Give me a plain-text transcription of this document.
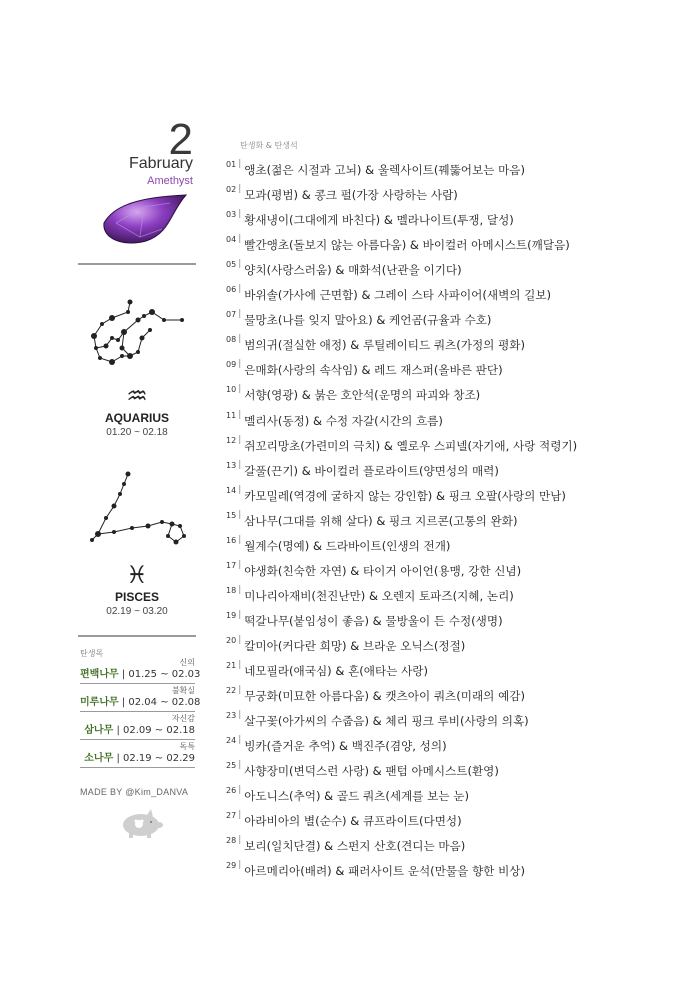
2
Fabruary
Amethyst
♒
AQUARIUS
01.20 ~ 02.18
♓
PISCES
02.19 ~ 03.20
탄생목
신의
편백나무 | 01.25 ~ 02.03
불확실
미루나무 | 02.04 ~ 02.08
자신감
삼나무 | 02.09 ~ 02.18
독특
소나무 | 02.19 ~ 02.29
MADE BY @Kim_DANVA
탄생화 & 탄생석
01 | 앵초(젊은 시절과 고뇌) & 울렉사이트(꿰뚫어보는 마음)
02 | 모과(평범) & 콩크 펄(가장 사랑하는 사람)
03 | 황새냉이(그대에게 바친다) & 멜라나이트(투쟁, 달성)
04 | 빨간앵초(돌보지 않는 아름다움) & 바이컬러 아메시스트(깨달음)
05 | 양치(사랑스러움) & 매화석(난관을 이기다)
06 | 바위솔(가사에 근면함) & 그레이 스타 사파이어(새벽의 길보)
07 | 물망초(나를 잊지 말아요) & 케언곰(규율과 수호)
08 | 범의귀(절실한 애정) & 루틸레이티드 쿼츠(가정의 평화)
09 | 은매화(사랑의 속삭임) & 레드 재스퍼(올바른 판단)
10 | 서향(영광) & 붉은 호안석(운명의 파괴와 창조)
11 | 멜리사(동정) & 수정 자갈(시간의 흐름)
12 | 쥐꼬리망초(가련미의 극치) & 옐로우 스피넬(자기애, 사랑 적령기)
13 | 갈풀(끈기) & 바이컬러 플로라이트(양면성의 매력)
14 | 카모밀레(역경에 굴하지 않는 강인함) & 핑크 오팔(사랑의 만남)
15 | 삼나무(그대를 위해 살다) & 핑크 지르콘(고통의 완화)
16 | 월계수(명예) & 드라바이트(인생의 전개)
17 | 야생화(친숙한 자연) & 타이거 아이언(용맹, 강한 신념)
18 | 미나리아재비(천진난만) & 오렌지 토파즈(지혜, 논리)
19 | 떡갈나무(붙임성이 좋음) & 물방울이 든 수정(생명)
20 | 칼미아(커다란 희망) & 브라운 오닉스(정절)
21 | 네모필라(애국심) & 혼(애타는 사랑)
22 | 무궁화(미묘한 아름다움) & 캣츠아이 쿼츠(미래의 예감)
23 | 살구꽃(아가씨의 수줍음) & 체리 핑크 루비(사랑의 의혹)
24 | 빙카(즐거운 추억) & 백진주(겸양, 성의)
25 | 사향장미(변덕스런 사랑) & 팬텀 아메시스트(환영)
26 | 아도니스(추억) & 골드 쿼츠(세계를 보는 눈)
27 | 아라비아의 별(순수) & 큐프라이트(다면성)
28 | 보리(일치단결) & 스펀지 산호(견디는 마음)
29 | 아르메리아(배려) & 패러사이트 운석(만물을 향한 비상)
